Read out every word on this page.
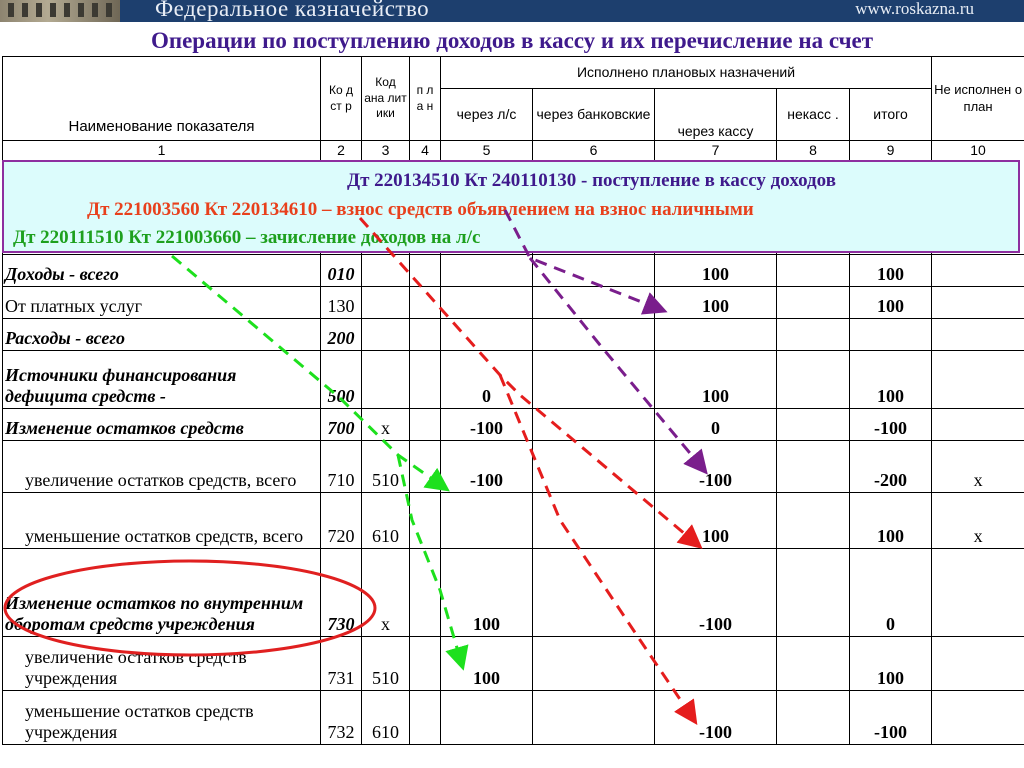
Федеральное казначейство	www.roskazna.ru
Операции по поступлению доходов в кассу и их перечисление на счет
Наименование показателя	Ко д ст р	Код ана лит ики	п л а н	Исполнено плановых назначений					Не исполнен о план
				через л/с	через банковские	через кассу	некасс .	итого	
1	2	3	4	5	6	7	8	9	10
Доходы - всего	010					100		100	
От платных услуг	130					100		100	
Расходы - всего	200								
Источники финансирования дефицита средств -	500			0		100		100	
Изменение остатков средств	700	x		-100		0		-100	
увеличение остатков средств, всего	710	510		-100		-100		-200	x
уменьшение остатков средств, всего	720	610				100		100	x
Изменение остатков по внутренним оборотам средств учреждения	730	x		100		-100		0	
увеличение остатков средств учреждения	731	510		100				100	
уменьшение остатков средств учреждения	732	610				-100		-100	
Дт 220134510 Кт 240110130 - поступление в кассу доходов
Дт 221003560 Кт 220134610 – взнос средств объявлением на взнос наличными
Дт 220111510 Кт 221003660 – зачисление доходов на л/с
